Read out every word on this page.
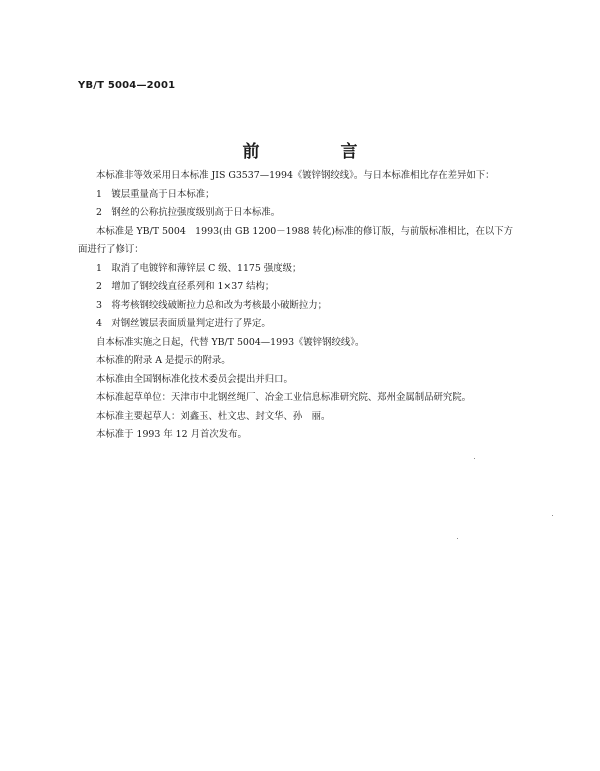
YB/T 5004—2001
前　言

本标准非等效采用日本标准 JIS G3537—1994《镀锌钢绞线》。与日本标准相比存在差异如下：

1　镀层重量高于日本标准；

2　钢丝的公称抗拉强度级别高于日本标准。

本标准是 YB/T 5004　1993(由 GB 1200－1988 转化)标准的修订版，与前版标准相比，在以下方

面进行了修订：

1　取消了电镀锌和薄锌层 C 级、1175 强度级；

2　增加了钢绞线直径系列和 1×37 结构；

3　将考核钢绞线破断拉力总和改为考核最小破断拉力；

4　对钢丝镀层表面质量判定进行了界定。

自本标准实施之日起，代替 YB/T 5004—1993《镀锌钢绞线》。

本标准的附录 A 是提示的附录。

本标准由全国钢标准化技术委员会提出并归口。

本标准起草单位：天津市中北钢丝绳厂、冶金工业信息标准研究院、郑州金属制品研究院。

本标准主要起草人：刘鑫玉、杜文忠、封文华、孙　丽。

本标准于 1993 年 12 月首次发布。
